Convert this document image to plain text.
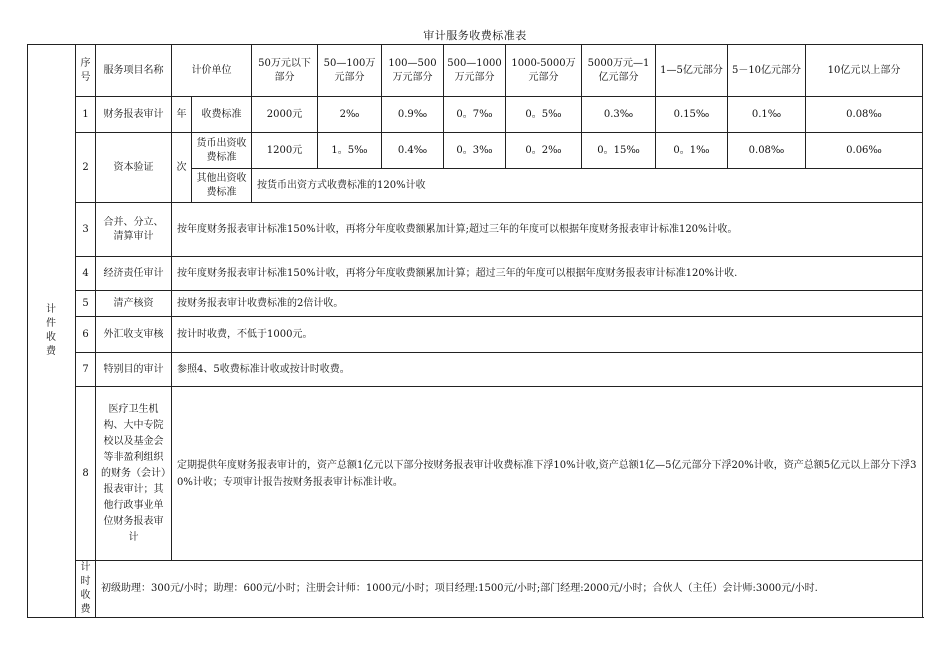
审计服务收费标准表
计件收费	序号	服务项目名称	计价单位		50万元以下部分	50—100万元部分	100—500万元部分	500—1000万元部分	1000-5000万元部分	5000万元—1亿元部分	1—5亿元部分	5－10亿元部分	10亿元以上部分
	1	财务报表审计	年	收费标准	2000元	2‰	0.9‰	0。7‰	0。5‰	0.3‰	0.15‰	0.1‰	0.08‰
	2	资本验证	次	货币出资收费标准	1200元	1。5‰	0.4‰	0。3‰	0。2‰	0。15‰	0。1‰	0.08‰	0.06‰
				其他出资收费标准	按货币出资方式收费标准的120%计收								
	3	合并、分立、清算审计	按年度财务报表审计标准150%计收，再将分年度收费额累加计算;超过三年的年度可以根据年度财务报表审计标准120%计收。										
	4	经济责任审计	按年度财务报表审计标准150%计收，再将分年度收费额累加计算；超过三年的年度可以根据年度财务报表审计标准120%计收.										
	5	清产核资	按财务报表审计收费标准的2倍计收。										
	6	外汇收支审核	按计时收费，不低于1000元。										
	7	特别目的审计	参照4、5收费标准计收或按计时收费。										
	8	医疗卫生机构、大中专院校以及基金会等非盈利组织的财务（会计）报表审计；其他行政事业单位财务报表审计	定期提供年度财务报表审计的，资产总额1亿元以下部分按财务报表审计收费标准下浮10%计收,资产总额1亿—5亿元部分下浮20%计收，资产总额5亿元以上部分下浮30%计收；专项审计报告按财务报表审计标准计收。										
	计时收费	初级助理：300元/小时；助理：600元/小时；注册会计师：1000元/小时；项目经理:1500元/小时;部门经理:2000元/小时；合伙人（主任）会计师:3000元/小时.											
